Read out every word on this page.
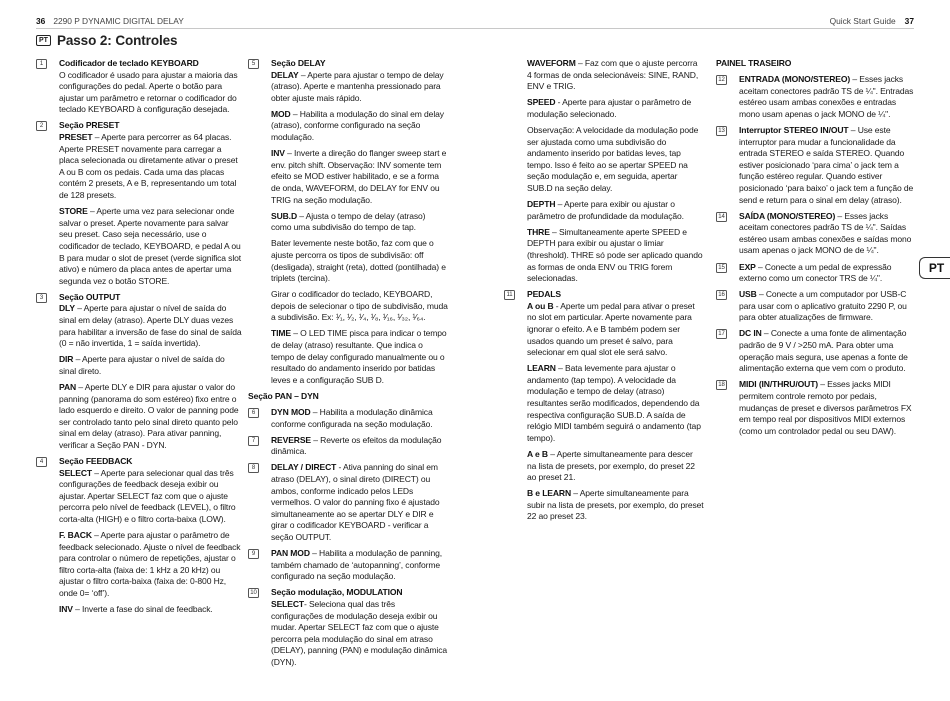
36 2290 P DYNAMIC DIGITAL DELAY	Quick Start Guide 37
PT Passo 2: Controles
PT
1	Codificador de teclado KEYBOARD
O codificador é usado para ajustar a maioria das configurações do pedal. Aperte o botão para ajustar um parâmetro e retornar o codificador do teclado KEYBOARD à configuração desejada.
2	Seção PRESET
PRESET – Aperte para percorrer as 64 placas. Aperte PRESET novamente para carregar a placa selecionada ou diretamente ativar o preset A ou B com os pedais. Cada uma das placas contém 2 presets, A e B, representando um total de 128 presets.
STORE – Aperte uma vez para selecionar onde salvar o preset. Aperte novamente para salvar seu preset. Caso seja necessário, use o codificador de teclado, KEYBOARD, e pedal A ou B para mudar o slot de preset (verde significa slot ativo) e número da placa antes de apertar uma segunda vez o botão STORE.
3	Seção OUTPUT
DLY – Aperte para ajustar o nível de saída do sinal em delay (atraso). Aperte DLY duas vezes para habilitar a inversão de fase do sinal de saída (0 = não invertida, 1 = saída invertida).
DIR – Aperte para ajustar o nível de saída do sinal direto.
PAN – Aperte DLY e DIR para ajustar o valor do panning (panorama do som estéreo) fixo entre o lado esquerdo e direito. O valor de panning pode ser controlado tanto pelo sinal direto quanto pelo sinal em delay (atraso). Para ativar panning, verificar a Seção PAN - DYN.
4	Seção FEEDBACK
SELECT – Aperte para selecionar qual das três configurações de feedback deseja exibir ou ajustar. Apertar SELECT faz com que o ajuste percorra pelo nível de feedback (LEVEL), o filtro corta-alta (HIGH) e o filtro corta-baixa (LOW).
F. BACK – Aperte para ajustar o parâmetro de feedback selecionado. Ajuste o nível de feedback para controlar o número de repetições, ajustar o filtro corta-alta (faixa de: 1 kHz a 20 kHz) ou ajustar o filtro corta-baixa (faixa de: 0-800 Hz, onde 0= ‘off’).
INV – Inverte a fase do sinal de feedback.
5	Seção DELAY
DELAY – Aperte para ajustar o tempo de delay (atraso). Aperte e mantenha pressionado para obter ajuste mais rápido.
MOD – Habilita a modulação do sinal em delay (atraso), conforme configurado na seção modulação.
INV – Inverte a direção do flanger sweep start e env. pitch shift. Observação: INV somente tem efeito se MOD estiver habilitado, e se a forma de onda, WAVEFORM, do DELAY for ENV ou TRIG na seção modulação.
SUB.D – Ajusta o tempo de delay (atraso) como uma subdivisão do tempo de tap.
Bater levemente neste botão, faz com que o ajuste percorra os tipos de subdivisão: off (desligada), straight (reta), dotted (pontilhada) e triplets (tercina).
Girar o codificador do teclado, KEYBOARD, depois de selecionar o tipo de subdivisão, muda a subdivisão. Ex: ¹⁄₁, ¹⁄₂, ¹⁄₄, ¹⁄₈, ¹⁄₁₆, ¹⁄₃₂, ¹⁄₆₄.
TIME – O LED TIME pisca para indicar o tempo de delay (atraso) resultante. Que indica o tempo de delay configurado manualmente ou o resultado do andamento inserido por batidas leves e a configuração SUB D.
Seção PAN – DYN
6	DYN MOD – Habilita a modulação dinâmica conforme configurada na seção modulação.
7	REVERSE – Reverte os efeitos da modulação dinâmica.
8	DELAY / DIRECT - Ativa panning do sinal em atraso (DELAY), o sinal direto (DIRECT) ou ambos, conforme indicado pelos LEDs vermelhos. O valor do panning fixo é ajustado simultaneamente ao se apertar DLY e DIR e girar o codificador KEYBOARD - verificar a seção OUTPUT.
9	PAN MOD – Habilita a modulação de panning, também chamado de ‘autopanning’, conforme configurado na seção modulação.
10 Seção modulação, MODULATION
SELECT- Seleciona qual das três configurações de modulação deseja exibir ou mudar. Apertar SELECT faz com que o ajuste percorra pela modulação do sinal em atraso (DELAY), panning (PAN) e modulação dinâmica (DYN).
WAVEFORM – Faz com que o ajuste percorra 4 formas de onda selecionáveis: SINE, RAND, ENV e TRIG.
SPEED - Aperte para ajustar o parâmetro de modulação selecionado.
Observação: A velocidade da modulação pode ser ajustada como uma subdivisão do andamento inserido por batidas leves, tap tempo. Isso é feito ao se apertar SPEED na seção modulação e, em seguida, apertar SUB.D na seção delay.
DEPTH – Aperte para exibir ou ajustar o parâmetro de profundidade da modulação.
THRE – Simultaneamente aperte SPEED e DEPTH para exibir ou ajustar o limiar (threshold). THRE só pode ser aplicado quando as formas de onda ENV ou TRIG forem selecionadas.
11 PEDALS
A ou B - Aperte um pedal para ativar o preset no slot em particular. Aperte novamente para ignorar o efeito. A e B também podem ser usados quando um preset é salvo, para selecionar em qual slot ele será salvo.
LEARN – Bata levemente para ajustar o andamento (tap tempo). A velocidade da modulação e tempo de delay (atraso) resultantes serão modificados, dependendo da respectiva configuração SUB.D. A saída de relógio MIDI também seguirá o andamento (tap tempo).
A e B – Aperte simultaneamente para descer na lista de presets, por exemplo, do preset 22 ao preset 21.
B e LEARN – Aperte simultaneamente para subir na lista de presets, por exemplo, do preset 22 ao preset 23.
PAINEL TRASEIRO
12 ENTRADA (MONO/STEREO) – Esses jacks aceitam conectores padrão TS de ¼". Entradas estéreo usam ambas conexões e entradas mono usam apenas o jack MONO de ¼".
13 Interruptor STEREO IN/OUT – Use este interruptor para mudar a funcionalidade da entrada STEREO e saída STEREO. Quando estiver posicionado ‘para cima’ o jack tem a função estéreo regular. Quando estiver posicionado ‘para baixo’ o jack tem a função de send e return para o sinal em delay (atraso).
14 SAÍDA (MONO/STEREO) – Esses jacks aceitam conectores padrão TS de ¼". Saídas estéreo usam ambas conexões e saídas mono usam apenas o jack MONO de de ¼".
15 EXP – Conecte a um pedal de expressão externo como um conector TRS de ¼".
16 USB – Conecte a um computador por USB-C para usar com o aplicativo gratuito 2290 P, ou para obter atualizações de firmware.
17 DC IN – Conecte a uma fonte de alimentação padrão de 9 V / >250 mA. Para obter uma operação mais segura, use apenas a fonte de alimentação externa que vem com o produto.
18 MIDI (IN/THRU/OUT) – Esses jacks MIDI permitem controle remoto por pedais, mudanças de preset e diversos parâmetros FX em tempo real por dispositivos MIDI externos (como um controlador pedal ou seu DAW).
